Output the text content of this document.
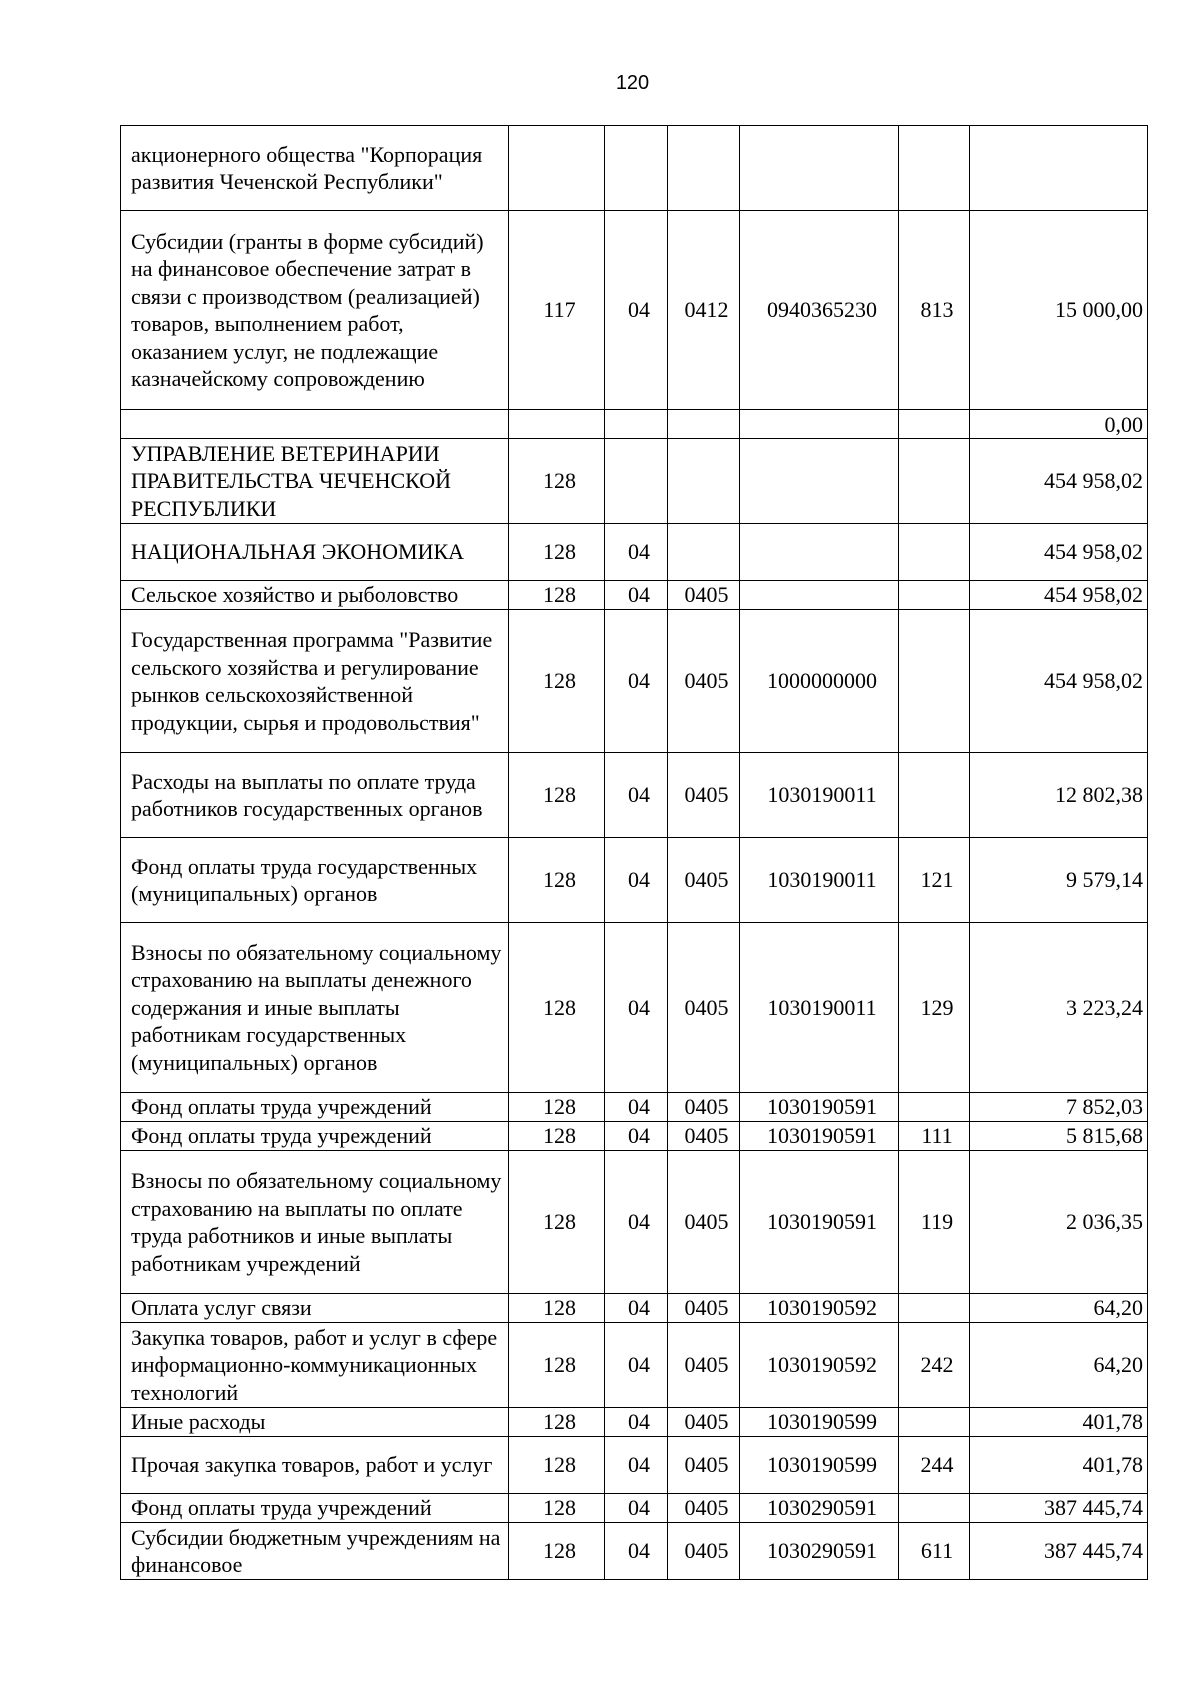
120
акционерного общества "Корпорация развития Чеченской Республики"						
Субсидии (гранты в форме субсидий) на финансовое обеспечение затрат в связи с производством (реализацией) товаров, выполнением работ, оказанием услуг, не подлежащие казначейскому сопровождению	117	04	0412	0940365230	813	15 000,00
						0,00
УПРАВЛЕНИЕ ВЕТЕРИНАРИИ ПРАВИТЕЛЬСТВА ЧЕЧЕНСКОЙ РЕСПУБЛИКИ	128					454 958,02
НАЦИОНАЛЬНАЯ ЭКОНОМИКА	128	04				454 958,02
Сельское хозяйство и рыболовство	128	04	0405			454 958,02
Государственная программа "Развитие сельского хозяйства и регулирование рынков сельскохозяйственной продукции, сырья и продовольствия"	128	04	0405	1000000000		454 958,02
Расходы на выплаты по оплате труда работников государственных органов	128	04	0405	1030190011		12 802,38
Фонд оплаты труда государственных (муниципальных) органов	128	04	0405	1030190011	121	9 579,14
Взносы по обязательному социальному страхованию на выплаты денежного содержания и иные выплаты работникам государственных (муниципальных) органов	128	04	0405	1030190011	129	3 223,24
Фонд оплаты труда учреждений	128	04	0405	1030190591		7 852,03
Фонд оплаты труда учреждений	128	04	0405	1030190591	111	5 815,68
Взносы по обязательному социальному страхованию на выплаты по оплате труда работников и иные выплаты работникам учреждений	128	04	0405	1030190591	119	2 036,35
Оплата услуг связи	128	04	0405	1030190592		64,20
Закупка товаров, работ и услуг в сфере информационно-коммуникационных технологий	128	04	0405	1030190592	242	64,20
Иные расходы	128	04	0405	1030190599		401,78
Прочая закупка товаров, работ и услуг	128	04	0405	1030190599	244	401,78
Фонд оплаты труда учреждений	128	04	0405	1030290591		387 445,74
Субсидии бюджетным учреждениям на финансовое	128	04	0405	1030290591	611	387 445,74
